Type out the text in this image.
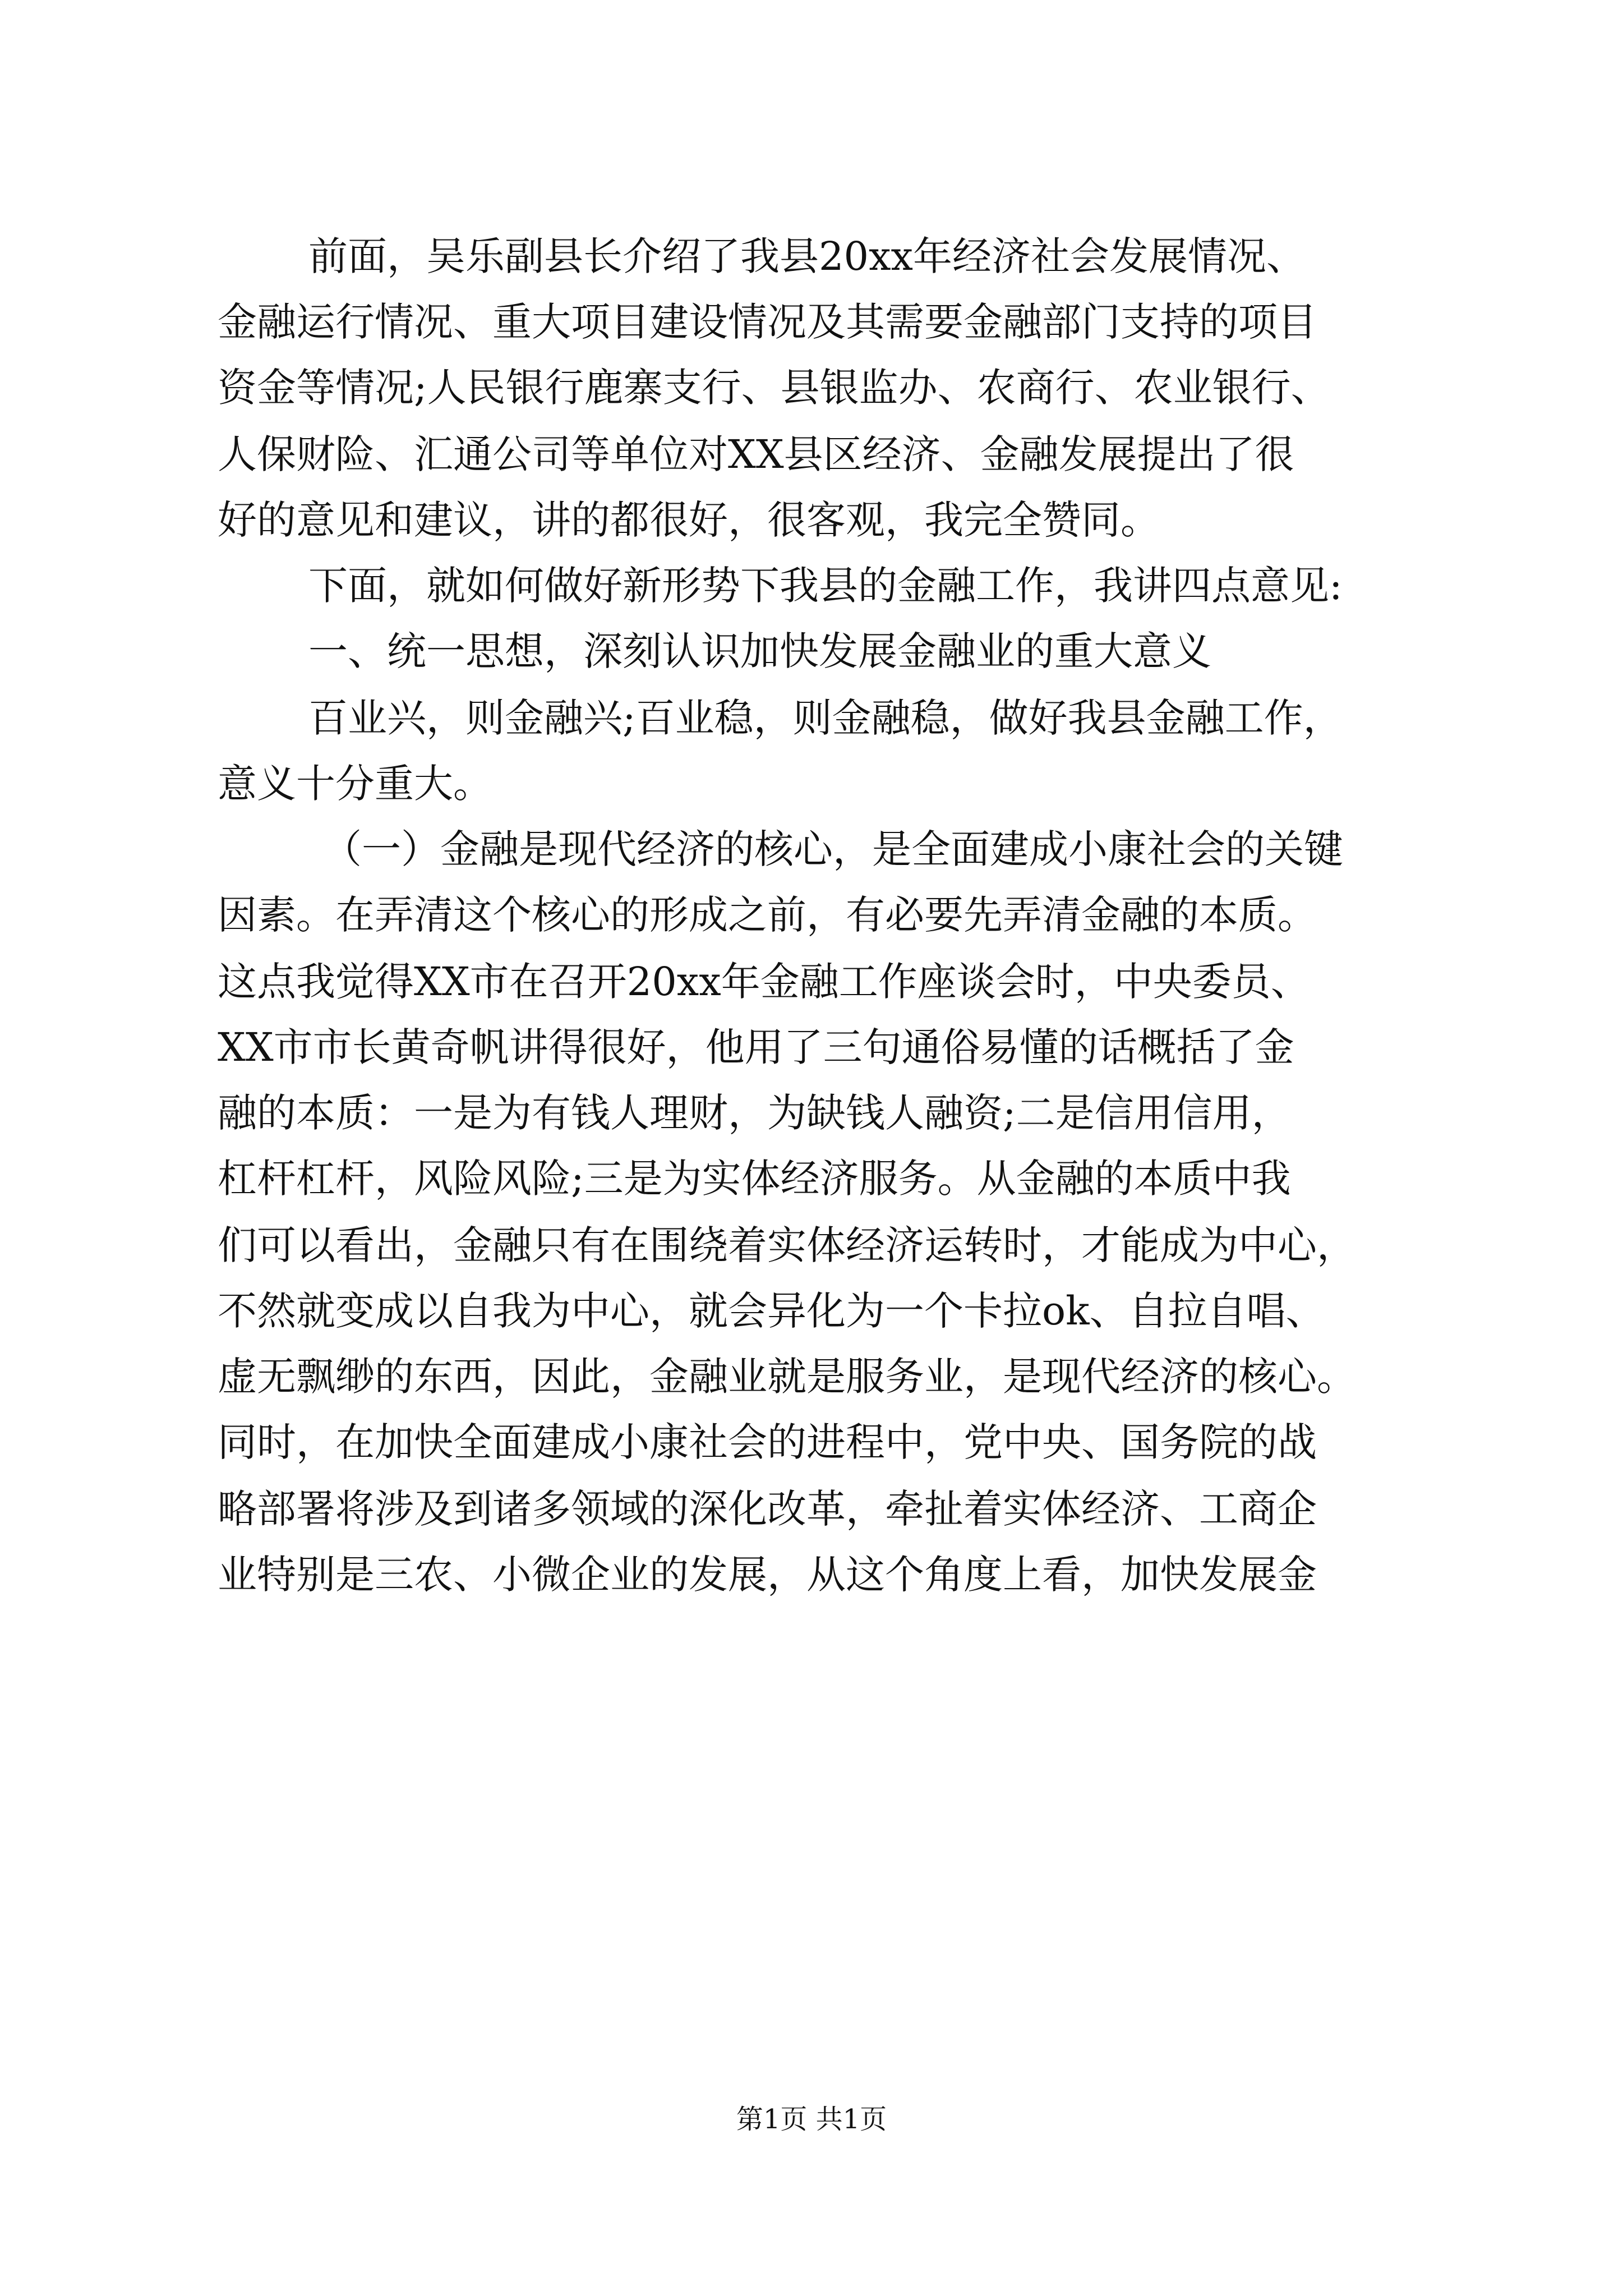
前面，吴乐副县长介绍了我县20xx年经济社会发展情况、
金融运行情况、重大项目建设情况及其需要金融部门支持的项目
资金等情况;人民银行鹿寨支行、县银监办、农商行、农业银行、
人保财险、汇通公司等单位对XX县区经济、金融发展提出了很
好的意见和建议，讲的都很好，很客观，我完全赞同。
下面，就如何做好新形势下我县的金融工作，我讲四点意见:
一、统一思想，深刻认识加快发展金融业的重大意义
百业兴，则金融兴;百业稳，则金融稳，做好我县金融工作，
意义十分重大。
（一）金融是现代经济的核心，是全面建成小康社会的关键
因素。在弄清这个核心的形成之前，有必要先弄清金融的本质。
这点我觉得XX市在召开20xx年金融工作座谈会时，中央委员、
XX市市长黄奇帆讲得很好，他用了三句通俗易懂的话概括了金
融的本质：一是为有钱人理财，为缺钱人融资;二是信用信用，
杠杆杠杆，风险风险;三是为实体经济服务。从金融的本质中我
们可以看出，金融只有在围绕着实体经济运转时，才能成为中心，
不然就变成以自我为中心，就会异化为一个卡拉ok、自拉自唱、
虚无飘缈的东西，因此，金融业就是服务业，是现代经济的核心。
同时，在加快全面建成小康社会的进程中，党中央、国务院的战
略部署将涉及到诸多领域的深化改革，牵扯着实体经济、工商企
业特别是三农、小微企业的发展，从这个角度上看，加快发展金
第1页 共1页
